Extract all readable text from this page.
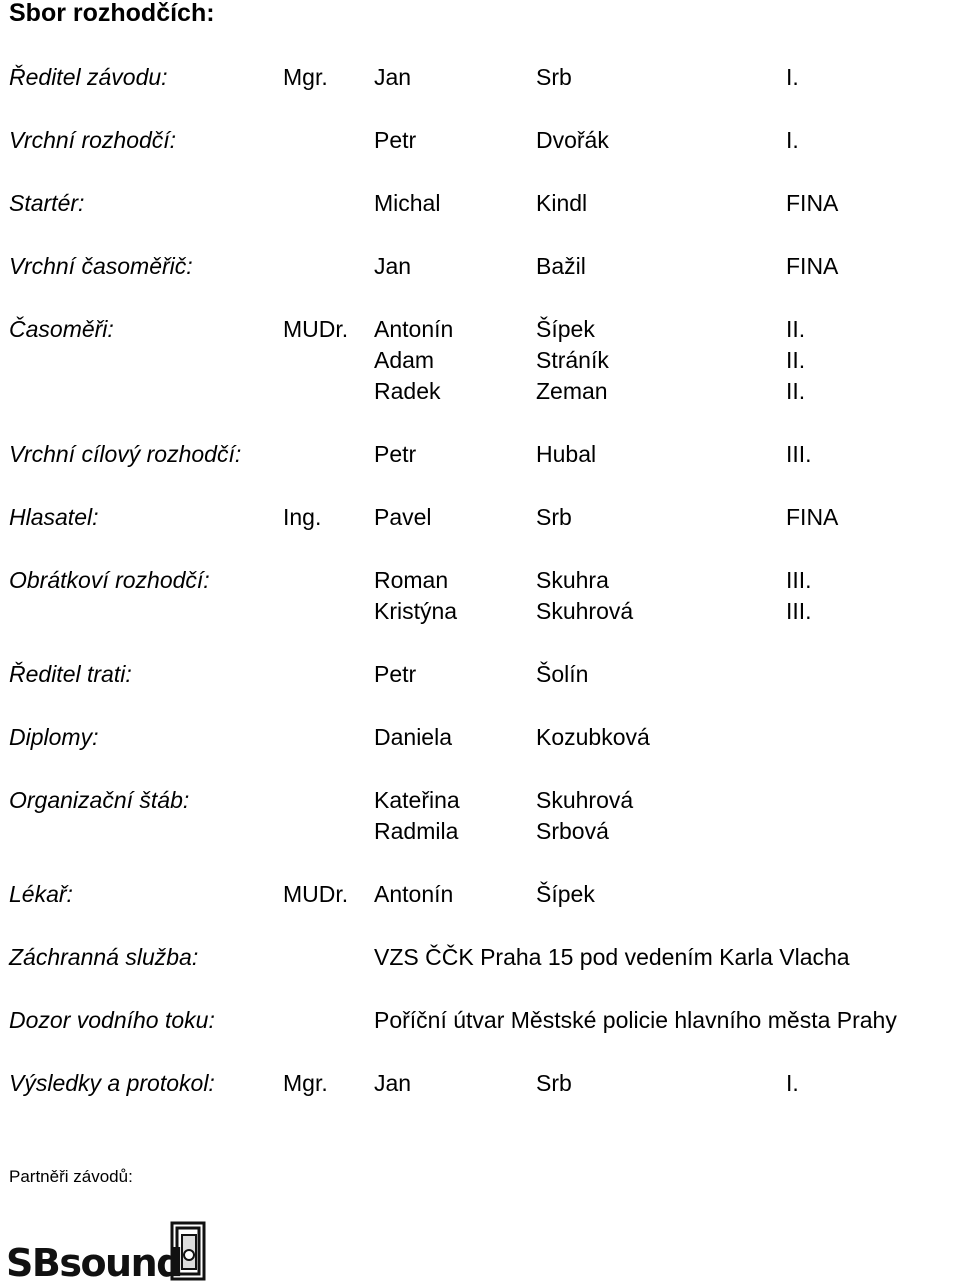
Sbor rozhodčích:
Ředitel závodu:	Mgr. Jan	Srb	I.
Vrchní rozhodčí:	Petr	Dvořák	I.
Startér:	Michal	Kindl	FINA
Vrchní časoměřič:	Jan	Bažil	FINA
Časoměři:	MUDr. Antonín	Šípek	II.
Adam	Stráník	II.
Radek	Zeman	II.
Vrchní cílový rozhodčí:	Petr	Hubal	III.
Hlasatel:	Ing. Pavel	Srb	FINA
Obrátkoví rozhodčí:	Roman	Skuhra	III.
Kristýna	Skuhrová	III.
Ředitel trati:	Petr	Šolín
Diplomy:	Daniela	Kozubková
Organizační štáb:	Kateřina	Skuhrová
Radmila	Srbová
Lékař:	MUDr. Antonín	Šípek
Záchranná služba:	VZS ČČK Praha 15 pod vedením Karla Vlacha
Dozor vodního toku:	Poříční útvar Městské policie hlavního města Prahy
Výsledky a protokol:	Mgr. Jan	Srb	I.
Partněři závodů:
SBsound
